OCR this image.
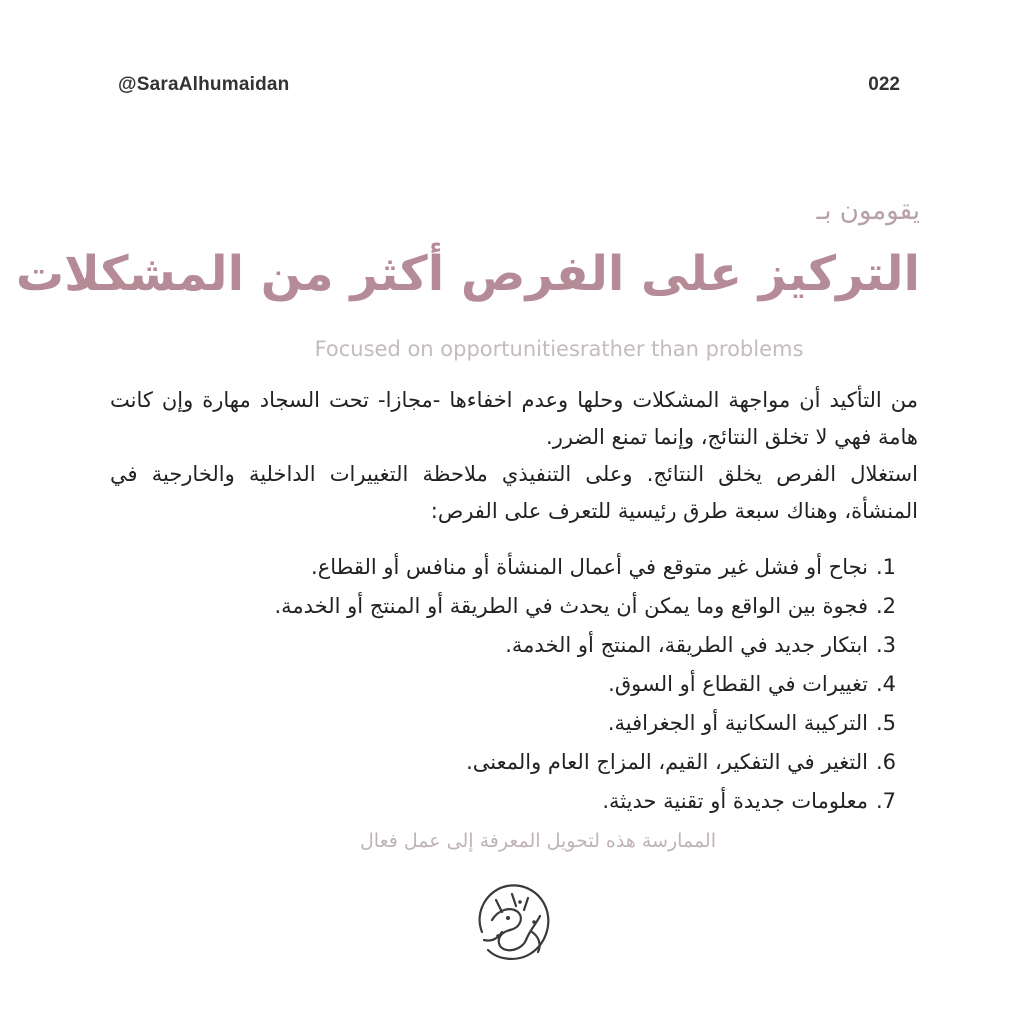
@SaraAlhumaidan	022
يقومون بـ
التركيز على الفرص أكثر من المشكلات
Focused on opportunitiesrather than problems

من التأكيد أن مواجهة المشكلات وحلها وعدم اخفاءها -مجازا- تحت السجاد مهارة وإن كانت هامة فهي لا تخلق النتائج، وإنما تمنع الضرر.

استغلال الفرص يخلق النتائج. وعلى التنفيذي ملاحظة التغييرات الداخلية والخارجية في المنشأة، وهناك سبعة طرق رئيسية للتعرف على الفرص:

1.نجاح أو فشل غير متوقع في أعمال المنشأة أو منافس أو القطاع.
2.فجوة بين الواقع وما يمكن أن يحدث في الطريقة أو المنتج أو الخدمة.
3.ابتكار جديد في الطريقة، المنتج أو الخدمة.
4.تغييرات في القطاع أو السوق.
5.التركيبة السكانية أو الجغرافية.
6.التغير في التفكير، القيم، المزاج العام والمعنى.
7.معلومات جديدة أو تقنية حديثة.
الممارسة هذه لتحويل المعرفة إلى عمل فعال
